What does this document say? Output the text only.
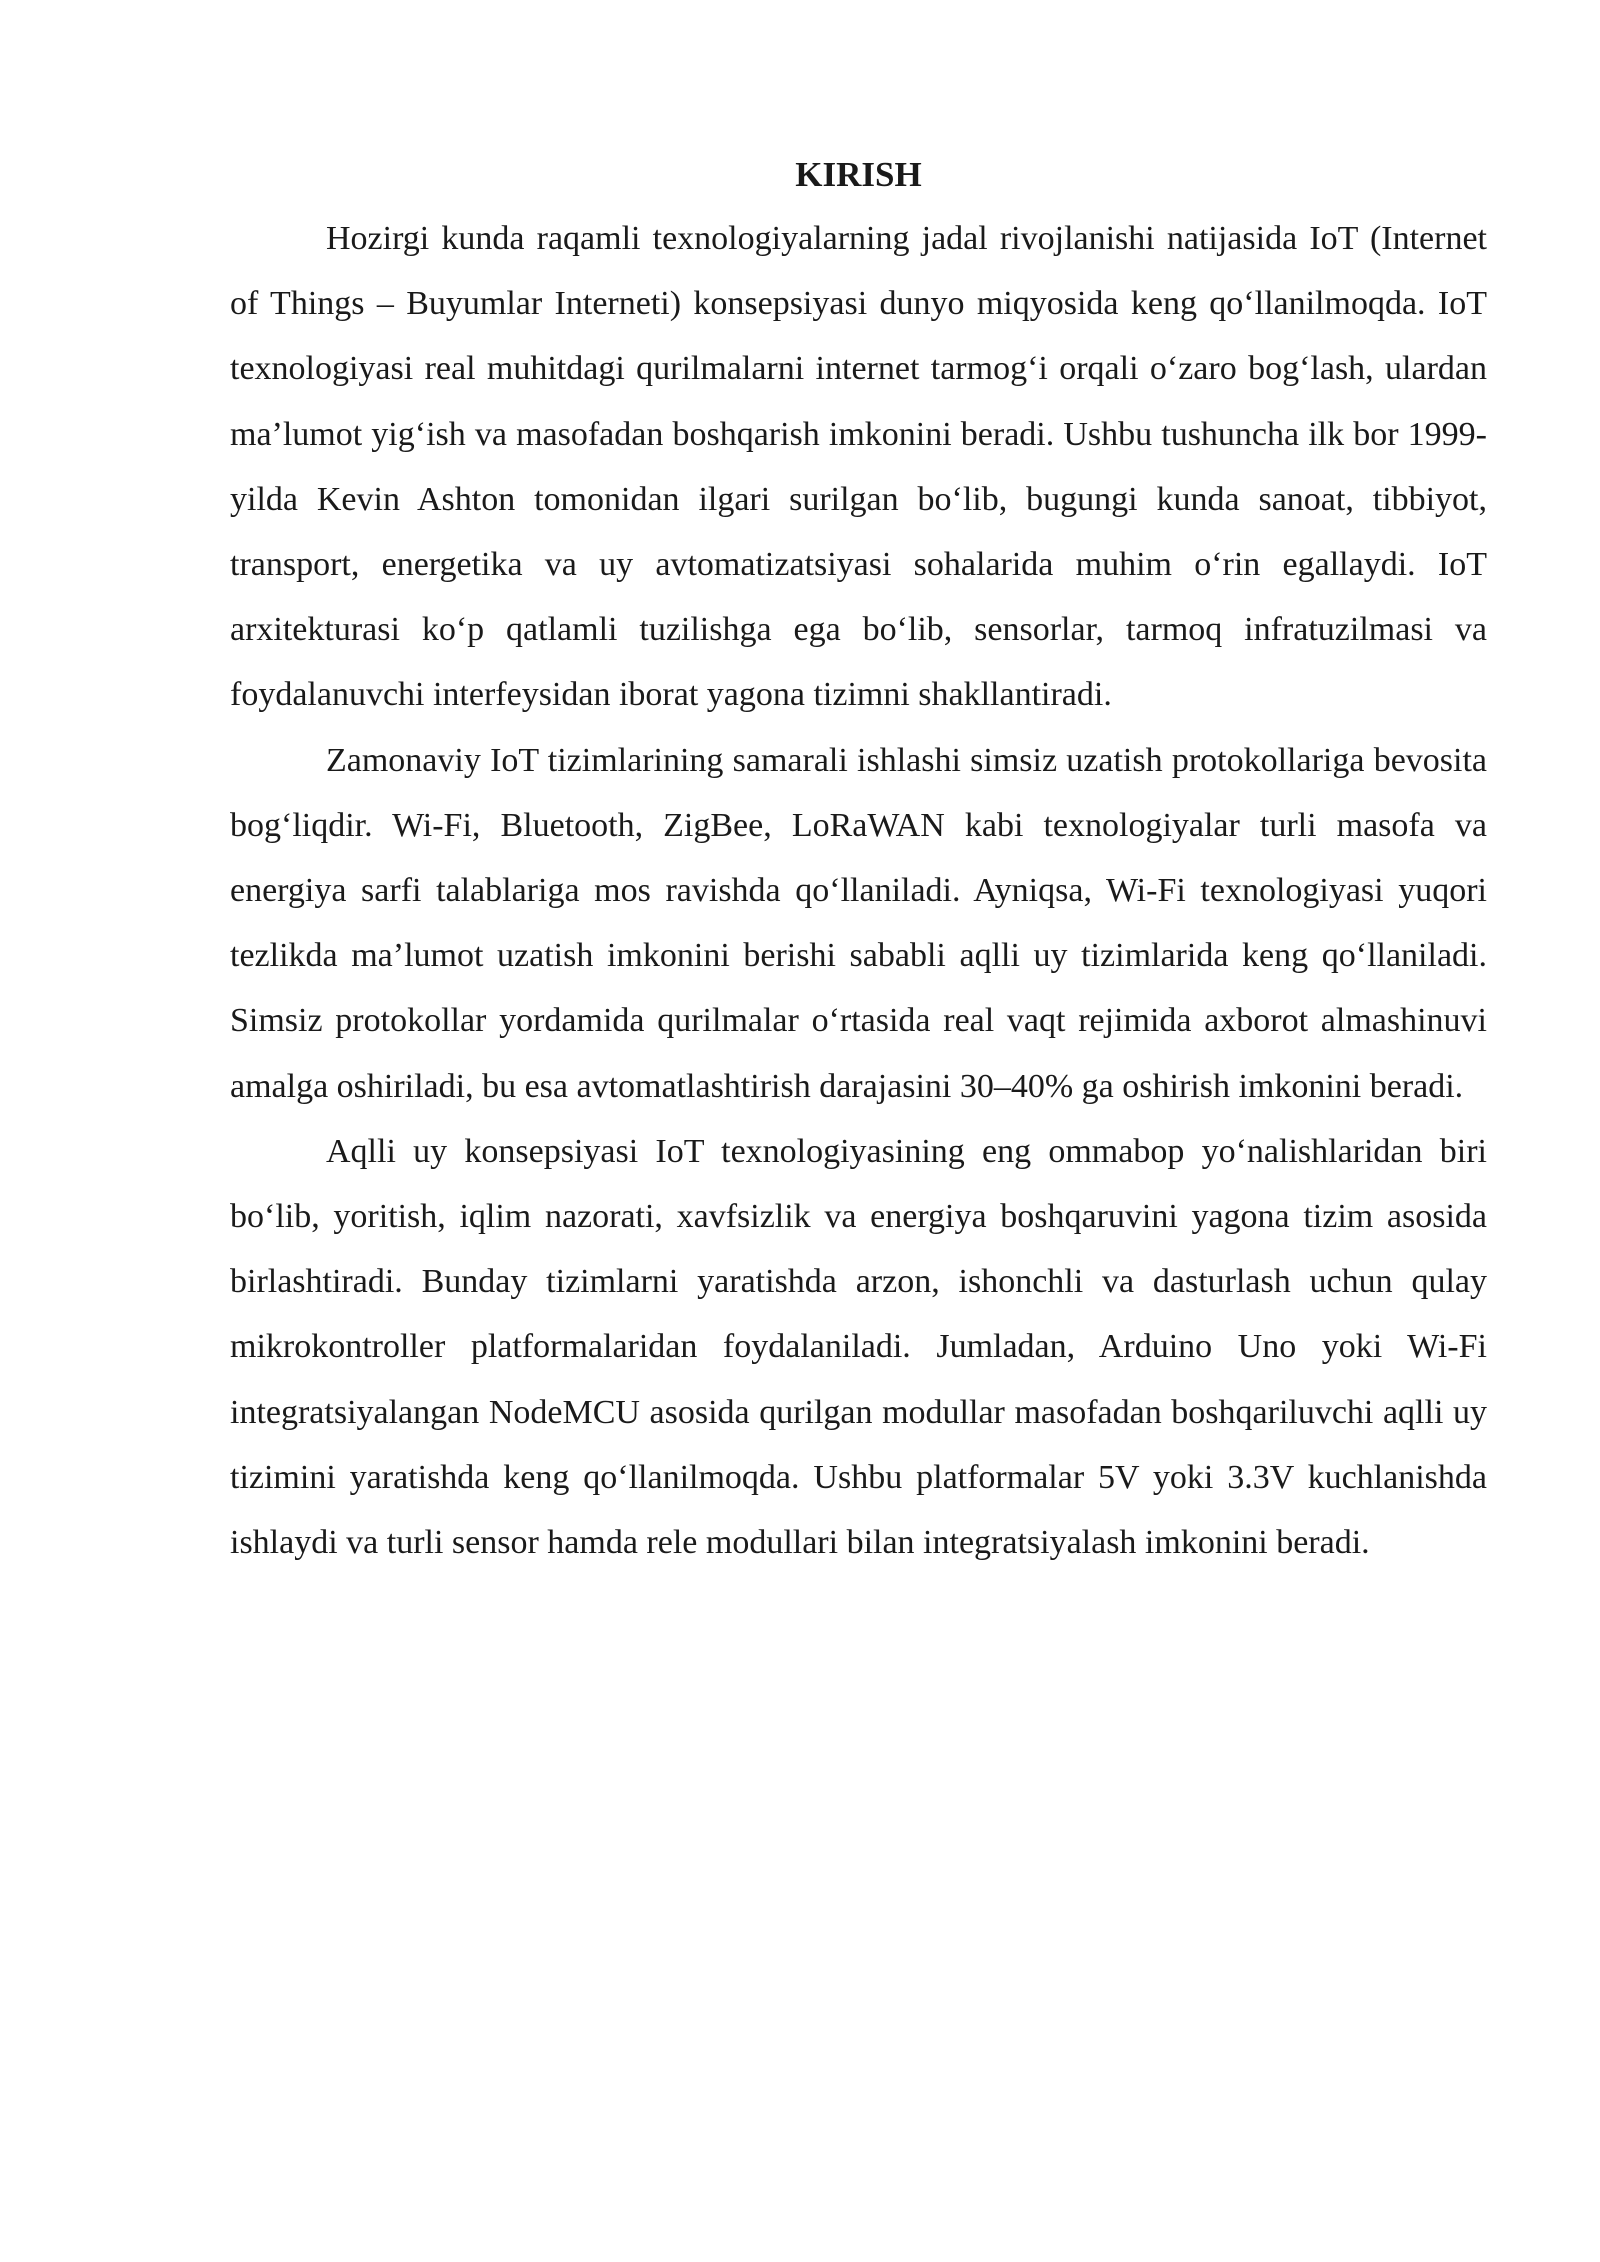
KIRISH

Hozirgi kunda raqamli texnologiyalarning jadal rivojlanishi natijasida IoT (Internet of Things – Buyumlar Interneti) konsepsiyasi dunyo miqyosida keng qo‘llanilmoqda. IoT texnologiyasi real muhitdagi qurilmalarni internet tarmog‘i orqali o‘zaro bog‘lash, ulardan ma’lumot yig‘ish va masofadan boshqarish imkonini beradi. Ushbu tushuncha ilk bor 1999-yilda Kevin Ashton tomonidan ilgari surilgan bo‘lib, bugungi kunda sanoat, tibbiyot, transport, energetika va uy avtomatizatsiyasi sohalarida muhim o‘rin egallaydi. IoT arxitekturasi ko‘p qatlamli tuzilishga ega bo‘lib, sensorlar, tarmoq infratuzilmasi va foydalanuvchi interfeysidan iborat yagona tizimni shakllantiradi.

Zamonaviy IoT tizimlarining samarali ishlashi simsiz uzatish protokollariga bevosita bog‘liqdir. Wi-Fi, Bluetooth, ZigBee, LoRaWAN kabi texnologiyalar turli masofa va energiya sarfi talablariga mos ravishda qo‘llaniladi. Ayniqsa, Wi-Fi texnologiyasi yuqori tezlikda ma’lumot uzatish imkonini berishi sababli aqlli uy tizimlarida keng qo‘llaniladi. Simsiz protokollar yordamida qurilmalar o‘rtasida real vaqt rejimida axborot almashinuvi amalga oshiriladi, bu esa avtomatlashtirish darajasini 30–40% ga oshirish imkonini beradi.

Aqlli uy konsepsiyasi IoT texnologiyasining eng ommabop yo‘nalishlaridan biri bo‘lib, yoritish, iqlim nazorati, xavfsizlik va energiya boshqaruvini yagona tizim asosida birlashtiradi. Bunday tizimlarni yaratishda arzon, ishonchli va dasturlash uchun qulay mikrokontroller platformalaridan foydalaniladi. Jumladan, Arduino Uno yoki Wi-Fi integratsiyalangan NodeMCU asosida qurilgan modullar masofadan boshqariluvchi aqlli uy tizimini yaratishda keng qo‘llanilmoqda. Ushbu platformalar 5V yoki 3.3V kuchlanishda ishlaydi va turli sensor hamda rele modullari bilan integratsiyalash imkonini beradi.
